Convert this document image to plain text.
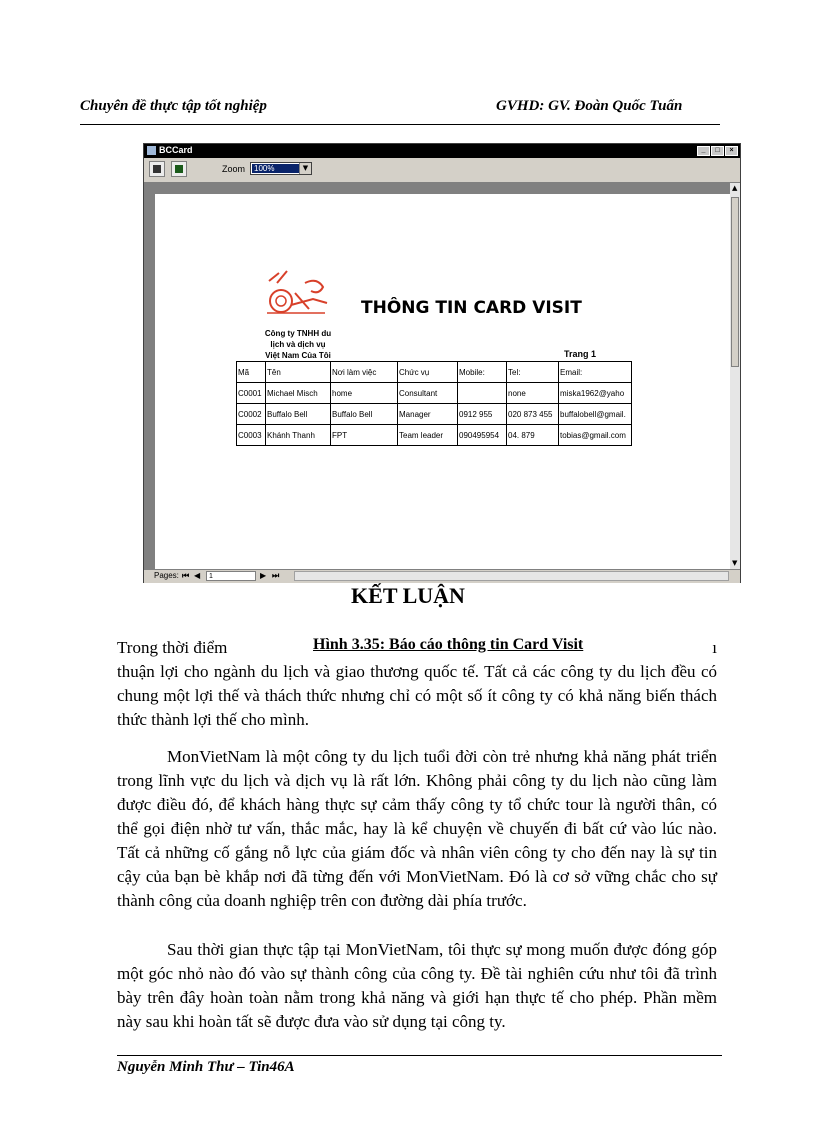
Chuyên đề thực tập tốt nghiệp	GVHD: GV. Đoàn Quốc Tuấn
BCCard	_	□	×
Zoom 100%	▼
Công ty TNHH du
lịch và dịch vụ
Việt Nam Của Tôi
THÔNG TIN CARD VISIT
Trang 1
Mã	Tên	Nơi làm việc	Chức vụ	Mobile:	Tel:	Email:
C0001	Michael Misch	home	Consultant		none	miska1962@yaho
C0002	Buffalo Bell	Buffalo Bell	Manager	0912 955	020 873 455	buffalobell@gmail.
C0003	Khánh Thanh	FPT	Team leader	090495954	04. 879	tobias@gmail.com
▲
▼
Pages: ⏮ ◀	1	▶ ⏭
KẾT LUẬN

Trong thời điểm	ı

thuận lợi cho ngành du lịch và giao thương quốc tế. Tất cả các công ty du lịch đều có chung một lợi thế và thách thức nhưng chỉ có một số ít công ty có khả năng biến thách thức thành lợi thế cho mình.

Hình 3.35: Báo cáo thông tin Card Visit
MonVietNam là một công ty du lịch tuổi đời còn trẻ nhưng khả năng phát triển trong lĩnh vực du lịch và dịch vụ là rất lớn. Không phải công ty du lịch nào cũng làm được điều đó, để khách hàng thực sự cảm thấy công ty tổ chức tour là người thân, có thể gọi điện nhờ tư vấn, thắc mắc, hay là kể chuyện về chuyến đi bất cứ vào lúc nào. Tất cả những cố gắng nỗ lực của giám đốc và nhân viên công ty cho đến nay là sự tin cậy của bạn bè khắp nơi đã từng đến với MonVietNam. Đó là cơ sở vững chắc cho sự thành công của doanh nghiệp trên con đường dài phía trước.
Sau thời gian thực tập tại MonVietNam, tôi thực sự mong muốn được đóng góp một góc nhỏ nào đó vào sự thành công của công ty. Đề tài nghiên cứu như tôi đã trình bày trên đây hoàn toàn nằm trong khả năng và giới hạn thực tế cho phép. Phần mềm này sau khi hoàn tất sẽ được đưa vào sử dụng tại công ty.
Nguyễn Minh Thư – Tin46A
